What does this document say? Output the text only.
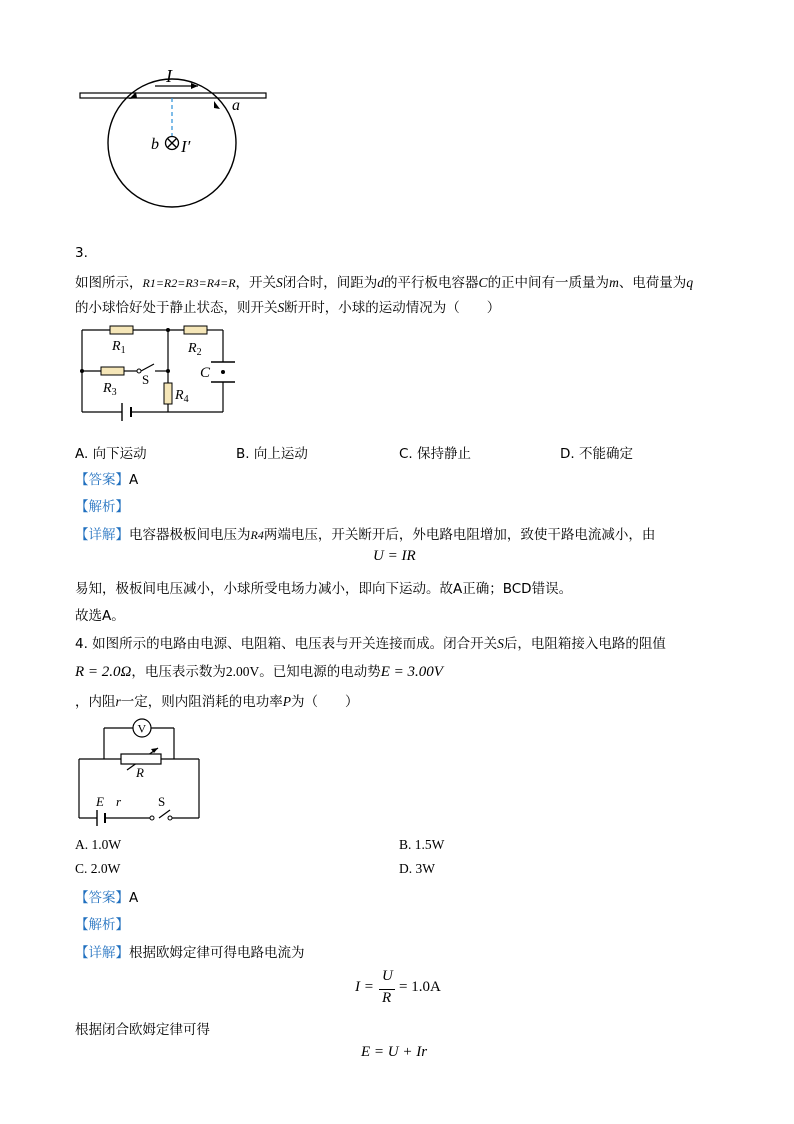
I
a
b I′
3.
如图所示，R1=R2=R3=R4=R，开关S闭合时，间距为d的平行板电容器C的正中间有一质量为m、电荷量为q
的小球恰好处于静止状态，则开关S断开时，小球的运动情况为（　　）
$R_1$	$R_2$
$R_3$	$R_4$
S	C
A. 向下运动	B. 向上运动	C. 保持静止	D. 不能确定
【答案】A
【解析】
【详解】电容器极板间电压为R4两端电压，开关断开后，外电路电阻增加，致使干路电流减小，由
U = IR
易知，极板间电压减小，小球所受电场力减小，即向下运动。故A正确；BCD错误。
故选A。
4. 如图所示的电路由电源、电阻箱、电压表与开关连接而成。闭合开关S后，电阻箱接入电路的阻值
R = 2.0Ω，电压表示数为2.00V。已知电源的电动势E = 3.00V
，内阻r一定，则内阻消耗的电功率P为（　　）
V
R
E r	S
A. 1.0W	B. 1.5W
C. 2.0W	D. 3W
【答案】A
【解析】
【详解】根据欧姆定律可得电路电流为
I =
U
R
= 1.0A
根据闭合欧姆定律可得
E = U + Ir
